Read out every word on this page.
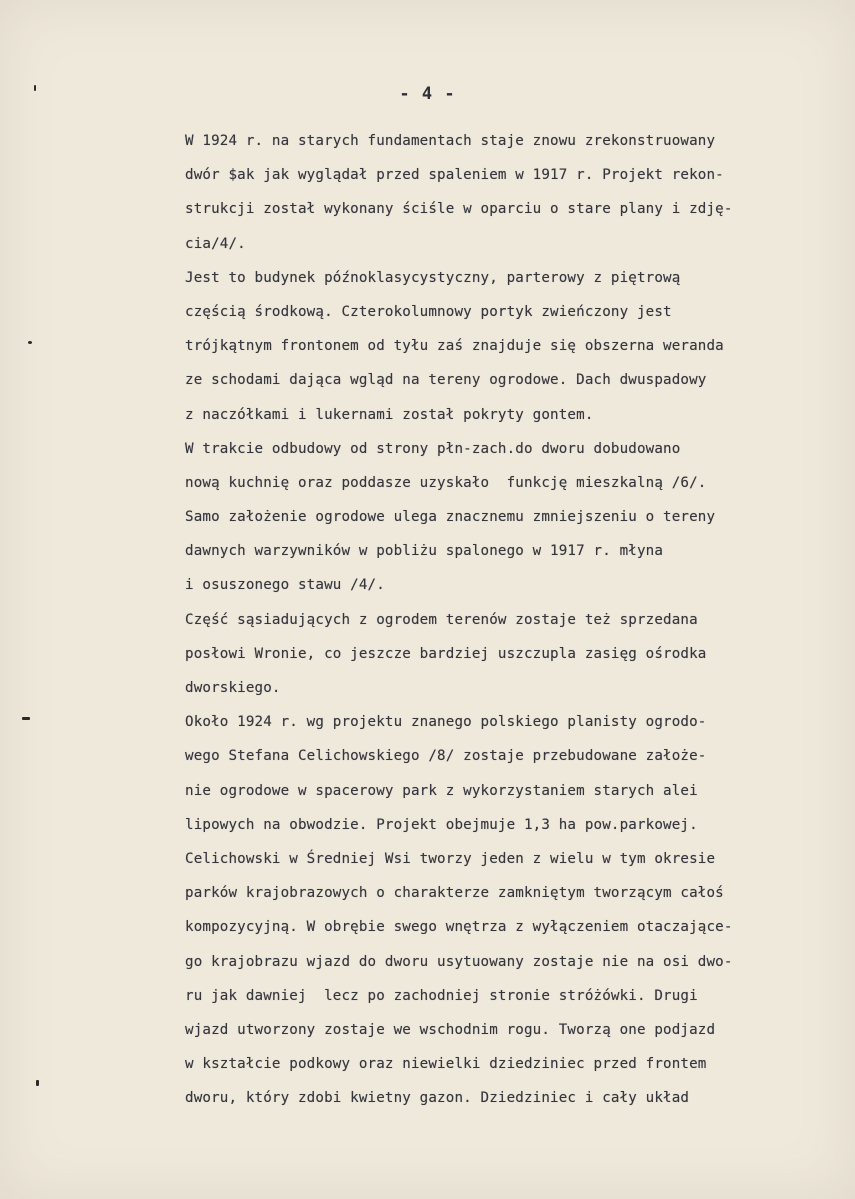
- 4 -
W 1924 r. na starych fundamentach staje znowu zrekonstruowany
dwór $ak jak wyglądał przed spaleniem w 1917 r. Projekt rekon-
strukcji został wykonany ściśle w oparciu o stare plany i zdję-
cia/4/.
Jest to budynek późnoklasycystyczny, parterowy z piętrową
częścią środkową. Czterokolumnowy portyk zwieńczony jest
trójkątnym frontonem od tyłu zaś znajduje się obszerna weranda
ze schodami dająca wgląd na tereny ogrodowe. Dach dwuspadowy
z naczółkami i lukernami został pokryty gontem.
W trakcie odbudowy od strony płn-zach.do dworu dobudowano
nową kuchnię oraz poddasze uzyskało  funkcję mieszkalną /6/.
Samo założenie ogrodowe ulega znacznemu zmniejszeniu o tereny
dawnych warzywników w pobliżu spalonego w 1917 r. młyna
i osuszonego stawu /4/.
Część sąsiadujących z ogrodem terenów zostaje też sprzedana
posłowi Wronie, co jeszcze bardziej uszczupla zasięg ośrodka
dworskiego.
Około 1924 r. wg projektu znanego polskiego planisty ogrodo-
wego Stefana Celichowskiego /8/ zostaje przebudowane założe-
nie ogrodowe w spacerowy park z wykorzystaniem starych alei
lipowych na obwodzie. Projekt obejmuje 1,3 ha pow.parkowej.
Celichowski w Średniej Wsi tworzy jeden z wielu w tym okresie
parków krajobrazowych o charakterze zamkniętym tworzącym całoś
kompozycyjną. W obrębie swego wnętrza z wyłączeniem otaczające-
go krajobrazu wjazd do dworu usytuowany zostaje nie na osi dwo-
ru jak dawniej  lecz po zachodniej stronie stróżówki. Drugi
wjazd utworzony zostaje we wschodnim rogu. Tworzą one podjazd
w kształcie podkowy oraz niewielki dziedziniec przed frontem
dworu, który zdobi kwietny gazon. Dziedziniec i cały układ
